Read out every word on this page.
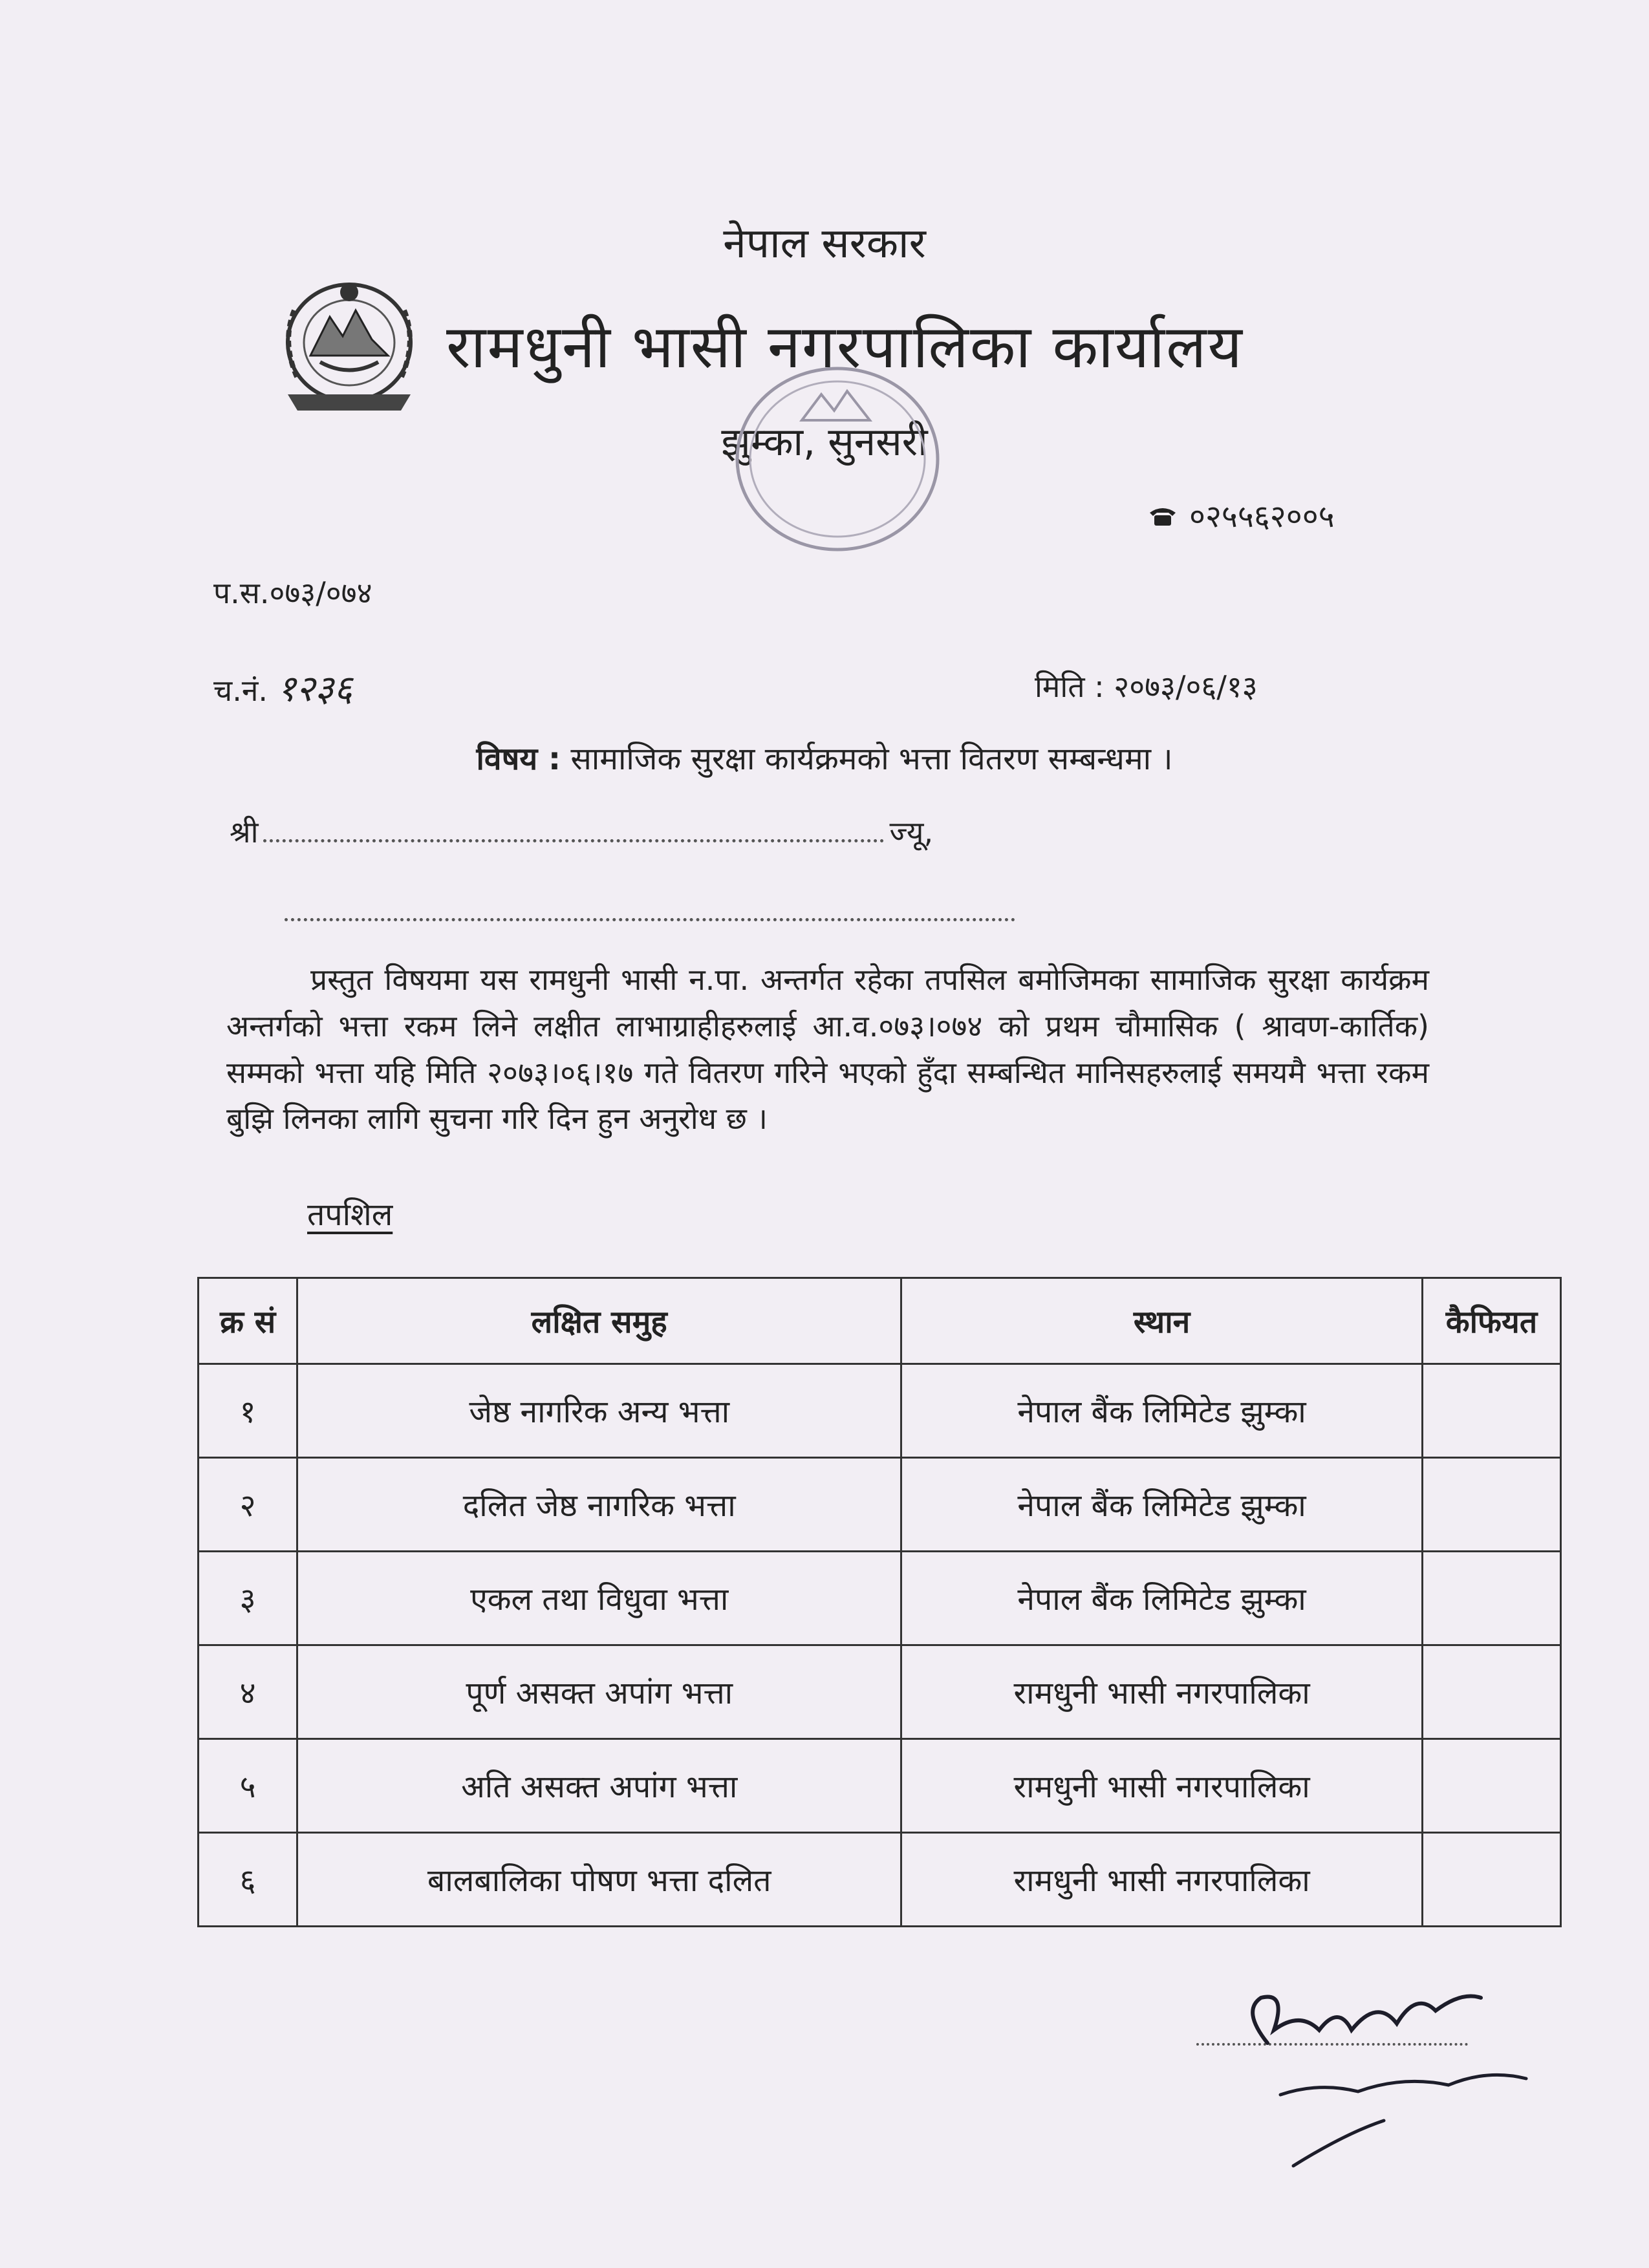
नेपाल सरकार
रामधुनी भासी नगरपालिका कार्यालय
झुम्का, सुनसरी
०२५५६२००५
प.स.०७३/०७४
च.नं. १२३६	मिति : २०७३/०६/१३
विषय : सामाजिक सुरक्षा कार्यक्रमको भत्ता वितरण सम्बन्धमा ।
श्री	ज्यू,
प्रस्तुत विषयमा यस रामधुनी भासी न.पा. अन्तर्गत रहेका तपसिल बमोजिमका सामाजिक सुरक्षा कार्यक्रम अन्तर्गको भत्ता रकम लिने लक्षीत लाभाग्राहीहरुलाई आ.व.०७३।०७४ को प्रथम चौमासिक ( श्रावण-कार्तिक) सम्मको भत्ता यहि मिति २०७३।०६।१७ गते वितरण गरिने भएको हुँदा सम्बन्धित मानिसहरुलाई समयमै भत्ता रकम बुझि लिनका लागि सुचना गरि दिन हुन अनुरोध छ ।
तपशिल
क्र सं	लक्षित समुह	स्थान	कैफियत
१	जेष्ठ नागरिक अन्य भत्ता	नेपाल बैंक लिमिटेड झुम्का	
२	दलित जेष्ठ नागरिक भत्ता	नेपाल बैंक लिमिटेड झुम्का	
३	एकल तथा विधुवा भत्ता	नेपाल बैंक लिमिटेड झुम्का	
४	पूर्ण असक्त अपांग भत्ता	रामधुनी भासी नगरपालिका	
५	अति असक्त अपांग भत्ता	रामधुनी भासी नगरपालिका	
६	बालबालिका पोषण भत्ता दलित	रामधुनी भासी नगरपालिका	
